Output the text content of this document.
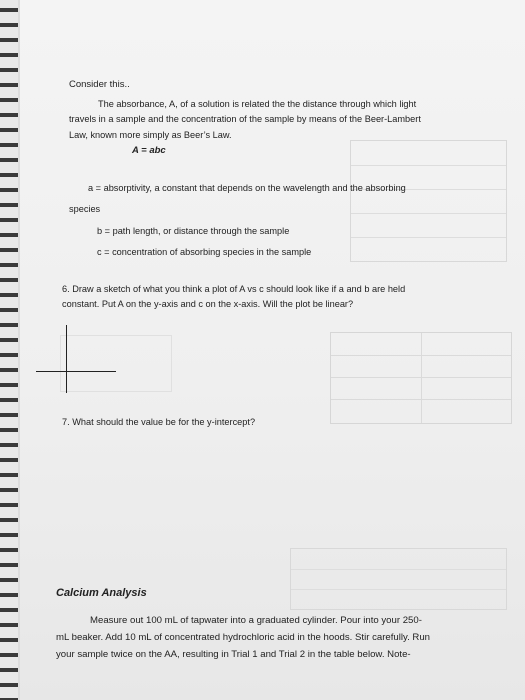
Consider this..
The absorbance, A, of a solution is related the the distance through which light
travels in a sample and the concentration of the sample by means of the Beer-Lambert
Law, known more simply as Beer’s Law.
A = abc
a = absorptivity, a constant that depends on the wavelength and the absorbing
species
b = path length, or distance through the sample
c = concentration of absorbing species in the sample
6. Draw a sketch of what you think a plot of A vs c should look like if a and b are held
constant. Put A on the y-axis and c on the x-axis. Will the plot be linear?
7. What should the value be for the y-intercept?
Calcium Analysis
Measure out 100 mL of tapwater into a graduated cylinder. Pour into your 250-
mL beaker. Add 10 mL of concentrated hydrochloric acid in the hoods. Stir carefully. Run
your sample twice on the AA, resulting in Trial 1 and Trial 2 in the table below. Note-
